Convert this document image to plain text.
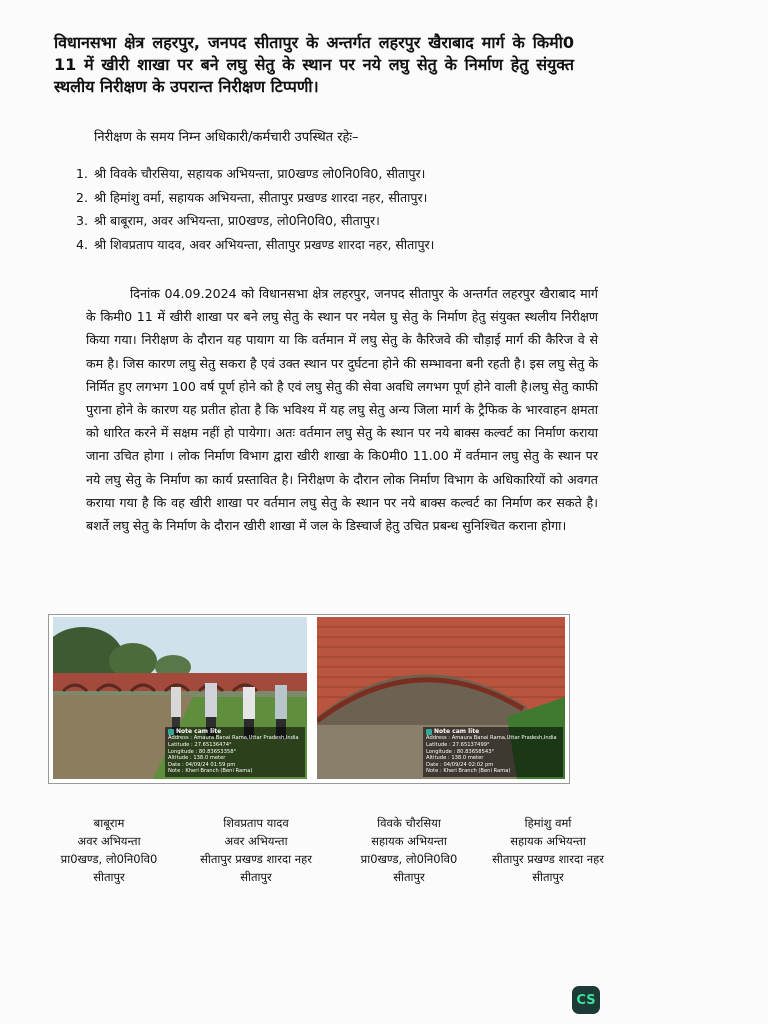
विधानसभा क्षेत्र लहरपुर, जनपद सीतापुर के अन्तर्गत लहरपुर खैराबाद मार्ग के किमी0 11 में खीरी शाखा पर बने लघु सेतु के स्थान पर नये लघु सेतु के निर्माण हेतु संयुक्त स्थलीय निरीक्षण के उपरान्त निरीक्षण टिप्पणी।
निरीक्षण के समय निम्न अधिकारी/कर्मचारी उपस्थित रहेः–
1. श्री विवके चौरसिया, सहायक अभियन्ता, प्रा0खण्ड लो0नि0वि0, सीतापुर।
2. श्री हिमांशु वर्मा, सहायक अभियन्ता, सीतापुर प्रखण्ड शारदा नहर, सीतापुर।
3. श्री बाबूराम, अवर अभियन्ता, प्रा0खण्ड, लो0नि0वि0, सीतापुर।
4. श्री शिवप्रताप यादव, अवर अभियन्ता, सीतापुर प्रखण्ड शारदा नहर, सीतापुर।

दिनांक 04.09.2024 को विधानसभा क्षेत्र लहरपुर, जनपद सीतापुर के अन्तर्गत लहरपुर खैराबाद मार्ग के किमी0 11 में खीरी शाखा पर बने लघु सेतु के स्थान पर नयेल घु सेतु के निर्माण हेतु संयुक्त स्थलीय निरीक्षण किया गया। निरीक्षण के दौरान यह पायाग या कि वर्तमान में लघु सेतु के कैरिजवे की चौड़ाई मार्ग की कैरिज वे से कम है। जिस कारण लघु सेतु सकरा है एवं उक्त स्थान पर दुर्घटना होने की सम्भावना बनी रहती है। इस लघु सेतु के निर्मित हुए लगभग 100 वर्ष पूर्ण होने को है एवं लघु सेतु की सेवा अवधि लगभग पूर्ण होने वाली है।लघु सेतु काफी पुराना होने के कारण यह प्रतीत होता है कि भविश्य में यह लघु सेतु अन्य जिला मार्ग के ट्रैफिक के भारवाहन क्षमता को धारित करने में सक्षम नहीं हो पायेगा। अतः वर्तमान लघु सेतु के स्थान पर नये बाक्स कल्वर्ट का निर्माण कराया जाना उचित होगा । लोक निर्माण विभाग द्वारा खीरी शाखा के कि0मी0 11.00 में वर्तमान लघु सेतु के स्थान पर नये लघु सेतु के निर्माण का कार्य प्रस्तावित है। निरीक्षण के दौरान लोक निर्माण विभाग के अधिकारियों को अवगत कराया गया है कि वह खीरी शाखा पर वर्तमान लघु सेतु के स्थान पर नये बाक्स कल्वर्ट का निर्माण कर सकते है। बशर्ते लघु सेतु के निर्माण के दौरान खीरी शाखा में जल के डिस्चार्ज हेतु उचित प्रबन्ध सुनिश्चित कराना होगा।

Note cam lite
Address : Amaura Banai Rama,Uttar Pradesh,India
Latitude : 27.65136474°
Longitude : 80.83653358°
Altitude : 138.0 meter
Date : 04/09/24 01:59 pm
Note : Kheri Branch (Beni Rama)
Note cam lite
Address : Amaura Banai Rama,Uttar Pradesh,India
Latitude : 27.65137499°
Longitude : 80.83658543°
Altitude : 138.0 meter
Date : 04/09/24 02:02 pm
Note : Kheri Branch (Beni Rama)
बाबूराम
अवर अभियन्ता
प्रा0खण्ड, लो0नि0वि0
सीतापुर
शिवप्रताप यादव
अवर अभियन्ता
सीतापुर प्रखण्ड शारदा नहर
सीतापुर
विवके चौरसिया
सहायक अभियन्ता
प्रा0खण्ड, लो0नि0वि0
सीतापुर
हिमांशु वर्मा
सहायक अभियन्ता
सीतापुर प्रखण्ड शारदा नहर
सीतापुर
CS
